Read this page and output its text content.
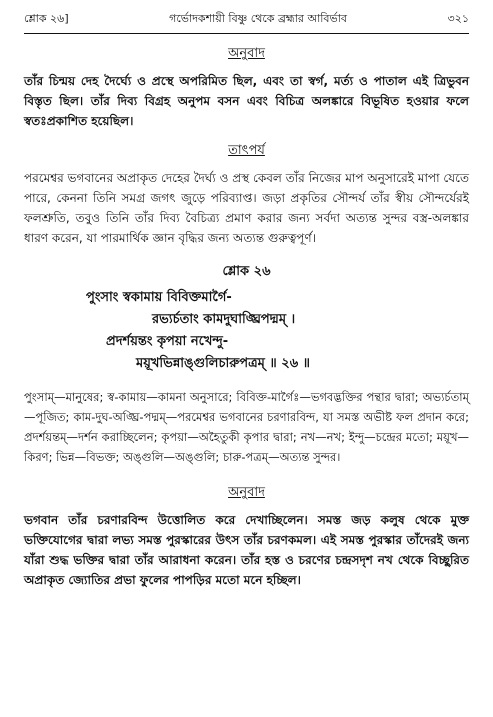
শ্লোক ২৬]	গর্ভোদকশায়ী বিষ্ণু থেকে ব্রহ্মার আবির্ভাব	৩২১
অনুবাদ

তাঁর চিন্ময় দেহ দৈর্ঘ্যে ও প্রস্থে অপরিমিত ছিল, এবং তা স্বর্গ, মর্ত্য ও পাতাল এই ত্রিভুবন বিস্তৃত ছিল। তাঁর দিব্য বিগ্রহ অনুপম বসন এবং বিচিত্র অলঙ্কারে বিভূষিত হওয়ার ফলে স্বতঃপ্রকাশিত হয়েছিল।

তাৎপর্য

পরমেশ্বর ভগবানের অপ্রাকৃত দেহের দৈর্ঘ্য ও প্রস্থ কেবল তাঁর নিজের মাপ অনুসারেই মাপা যেতে পারে, কেননা তিনি সমগ্র জগৎ জুড়ে পরিব্যাপ্ত। জড়া প্রকৃতির সৌন্দর্য তাঁর স্বীয় সৌন্দর্যেরই ফলশ্রুতি, তবুও তিনি তাঁর দিব্য বৈচিত্র্য প্রমাণ করার জন্য সর্বদা অত্যন্ত সুন্দর বস্ত্র-অলঙ্কার ধারণ করেন, যা পারমার্থিক জ্ঞান বৃদ্ধির জন্য অত্যন্ত গুরুত্বপূর্ণ।

শ্লোক ২৬
পুংসাং স্বকামায় বিবিক্তমার্গৈ-
রভ্যর্চতাং কামদুঘাঙ্ঘ্রিপদ্মম্ ।
প্রদর্শয়ন্তং কৃপয়া নখেন্দু-
ময়ূখভিন্নাঙ্গুলিচারুপত্রম্ ॥ ২৬ ॥

পুংসাম্—মানুষের; স্ব-কামায়—কামনা অনুসারে; বিবিক্ত-মার্গৈঃ—ভগবদ্ভক্তির পন্থার দ্বারা; অভ্যর্চতাম্—পূজিত; কাম-দুঘ-অঙ্ঘ্রি-পদ্মম্—পরমেশ্বর ভগবানের চরণারবিন্দ, যা সমস্ত অভীষ্ট ফল প্রদান করে; প্রদর্শয়ন্তম্—দর্শন করাচ্ছিলেন; কৃপয়া—অহৈতুকী কৃপার দ্বারা; নখ—নখ; ইন্দু—চন্দ্রের মতো; ময়ূখ—কিরণ; ভিন্ন—বিভক্ত; অঙ্গুলি—অঙ্গুলি; চারু-পত্রম্—অত্যন্ত সুন্দর।

অনুবাদ

ভগবান তাঁর চরণারবিন্দ উত্তোলিত করে দেখাচ্ছিলেন। সমস্ত জড় কলুষ থেকে মুক্ত ভক্তিযোগের দ্বারা লভ্য সমস্ত পুরস্কারের উৎস তাঁর চরণকমল। এই সমস্ত পুরস্কার তাঁদেরই জন্য যাঁরা শুদ্ধ ভক্তির দ্বারা তাঁর আরাধনা করেন। তাঁর হস্ত ও চরণের চন্দ্রসদৃশ নখ থেকে বিচ্ছুরিত অপ্রাকৃত জ্যোতির প্রভা ফুলের পাপড়ির মতো মনে হচ্ছিল।
